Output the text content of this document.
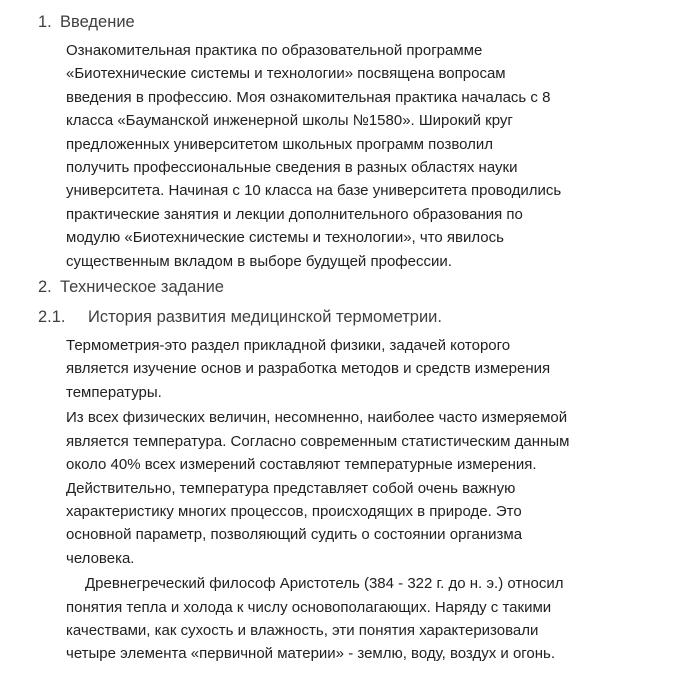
1. Введение
Ознакомительная практика по образовательной программе
«Биотехнические системы и технологии» посвящена вопросам
введения в профессию. Моя ознакомительная практика началась с 8
класса «Бауманской инженерной школы №1580». Широкий круг
предложенных университетом школьных программ позволил
получить профессиональные сведения в разных областях науки
университета. Начиная с 10 класса на базе университета проводились
практические занятия и лекции дополнительного образования по
модулю «Биотехнические системы и технологии», что явилось
существенным вкладом в выборе будущей профессии.
2. Техническое задание
2.1.	История развития медицинской термометрии.
Термометрия-это раздел прикладной физики, задачей которого
является изучение основ и разработка методов и средств измерения
температуры.
Из всех физических величин, несомненно, наиболее часто измеряемой
является температура. Согласно современным статистическим данным
около 40% всех измерений составляют температурные измерения.
Действительно, температура представляет собой очень важную
характеристику многих процессов, происходящих в природе. Это
основной параметр, позволяющий судить о состоянии организма
человека.
Древнегреческий философ Аристотель (384 - 322 г. до н. э.) относил
понятия тепла и холода к числу основополагающих. Наряду с такими
качествами, как сухость и влажность, эти понятия характеризовали
четыре элемента «первичной материи» - землю, воду, воздух и огонь.
